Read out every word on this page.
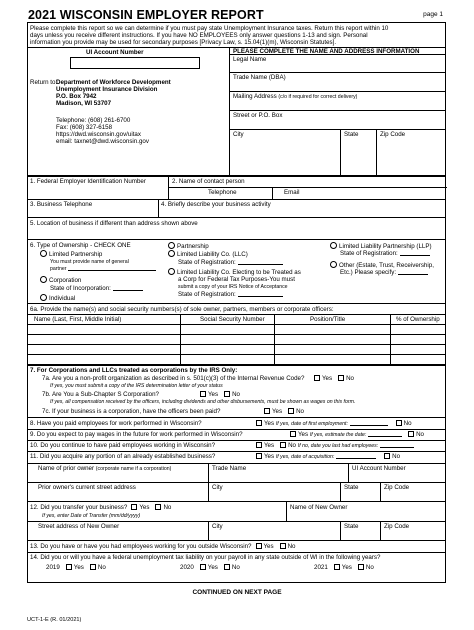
2021 WISCONSIN EMPLOYER REPORT	page 1
Please complete this report so we can determine if you must pay state Unemployment Insurance taxes. Return this report within 10
days unless you receive different instructions. If you have NO EMPLOYEES only answer questions 1-13 and sign. Personal
information you provide may be used for secondary purposes [Privacy Law, s. 15.04(1)(m), Wisconsin Statutes].
UI Account Number
Return to:
Department of Workforce Development
Unemployment Insurance Division
P.O. Box 7942
Madison, WI 53707
Telephone: (608) 261-6700
Fax: (608) 327-6158
https://dwd.wisconsin.gov/uitax
email: taxnet@dwd.wisconsin.gov
PLEASE COMPLETE THE NAME AND ADDRESS INFORMATION
Legal Name
Trade Name (DBA)
Mailing Address (c/o if required for correct delivery)
Street or P.O. Box
City	State	Zip Code
1. Federal Employer Identification Number	2. Name of contact person
Telephone	Email
3. Business Telephone	4. Briefly describe your business activity
5. Location of business if different than address shown above
6. Type of Ownership - CHECK ONE
Limited Partnership
You must provide name of general
partner
Corporation
State of Incorporation:
Individual
Partnership
Limited Liability Co. (LLC)
State of Registration:
Limited Liability Co. Electing to be Treated as
a Corp for Federal Tax Purposes-You must
submit a copy of your IRS Notice of Acceptance
State of Registration:
Limited Liability Partnership (LLP)
State of Registration:
Other (Estate, Trust, Receivership,
Etc.) Please specify:
6a. Provide the name(s) and social security numbers(s) of sole owner, partners, members or corporate officers:
Name (Last, First, Middle Initial)	Social Security Number	Position/Title	% of Ownership
7. For Corporations and LLCs treated as corporations by the IRS Only:
7a. Are you a non-profit organization as described in s. 501(c)(3) of the Internal Revenue Code?	Yes No
If yes, you must submit a copy of the IRS determination letter of your status
7b. Are You a Sub-Chapter S Corporation?	Yes No
If yes, all compensation received by the officers, including dividends and other disbursements, must be shown as wages on this form.
7c. If your business is a corporation, have the officers been paid?	Yes No
8. Have you paid employees for work performed in Wisconsin?	Yes If yes, date of first employment:	No
9. Do you expect to pay wages in the future for work performed in Wisconsin?	Yes If yes, estimate the date:	No
10. Do you continue to have paid employees working in Wisconsin?	Yes No If no, date you last had employees:
11. Did you acquire any portion of an already established business?	Yes If yes, date of acquisition:	No
Name of prior owner (corporate name if a corporation)	Trade Name	UI Account Number
Prior owner's current street address	City	State	Zip Code
12. Did you transfer your business? Yes No
If yes, enter Date of Transfer (mm/dd/yyyy)
Name of New Owner
Street address of New Owner	City	State	Zip Code
13. Do you have or have you had employees working for you outside Wisconsin? Yes No
14. Did you or will you have a federal unemployment tax liability on your payroll in any state outside of WI in the following years?
2019 Yes No	2020 Yes No	2021 Yes No
CONTINUED ON NEXT PAGE
UCT-1-E (R. 01/2021)
